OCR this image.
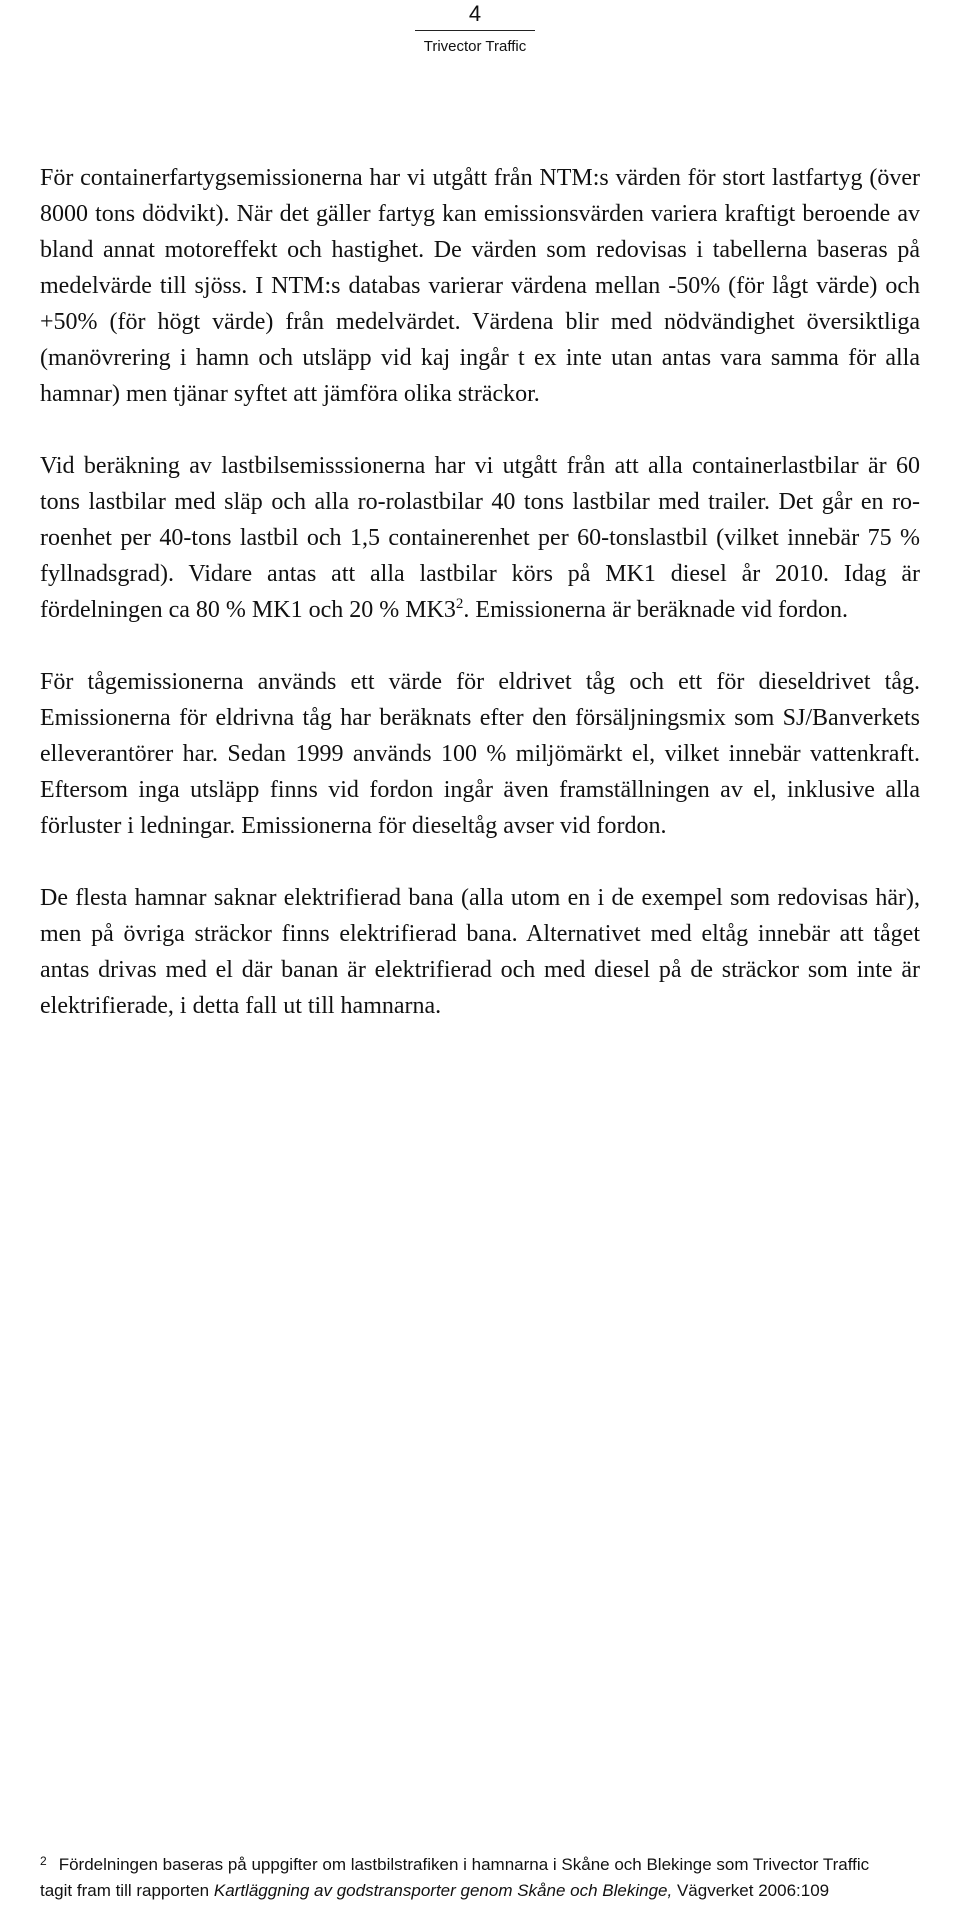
4
Trivector Traffic

För containerfartygsemissionerna har vi utgått från NTM:s värden för stort lastfartyg (över 8000 tons dödvikt). När det gäller fartyg kan emissionsvärden variera kraftigt beroende av bland annat motoreffekt och hastighet. De värden som redovisas i tabellerna baseras på medelvärde till sjöss. I NTM:s databas varierar värdena mellan -50% (för lågt värde) och +50% (för högt värde) från medelvärdet. Värdena blir med nödvändighet översiktliga (manövrering i hamn och utsläpp vid kaj ingår t ex inte utan antas vara samma för alla hamnar) men tjänar syftet att jämföra olika sträckor.

Vid beräkning av lastbilsemisssionerna har vi utgått från att alla containerlastbilar är 60 tons lastbilar med släp och alla ro-rolastbilar 40 tons lastbilar med trailer. Det går en ro-roenhet per 40-tons lastbil och 1,5 containerenhet per 60-tonslastbil (vilket innebär 75 % fyllnadsgrad). Vidare antas att alla lastbilar körs på MK1 diesel år 2010. Idag är fördelningen ca 80 % MK1 och 20 % $MK3^2$. Emissionerna är beräknade vid fordon.

För tågemissionerna används ett värde för eldrivet tåg och ett för dieseldrivet tåg. Emissionerna för eldrivna tåg har beräknats efter den försäljningsmix som SJ/Banverkets elleverantörer har. Sedan 1999 används 100 % miljömärkt el, vilket innebär vattenkraft. Eftersom inga utsläpp finns vid fordon ingår även framställningen av el, inklusive alla förluster i ledningar. Emissionerna för dieseltåg avser vid fordon.

De flesta hamnar saknar elektrifierad bana (alla utom en i de exempel som redovisas här), men på övriga sträckor finns elektrifierad bana. Alternativet med eltåg innebär att tåget antas drivas med el där banan är elektrifierad och med diesel på de sträckor som inte är elektrifierade, i detta fall ut till hamnarna.

$^2$ Fördelningen baseras på uppgifter om lastbilstrafiken i hamnarna i Skåne och Blekinge som Trivector Traffic
tagit fram till rapporten Kartläggning av godstransporter genom Skåne och Blekinge, Vägverket 2006:109
